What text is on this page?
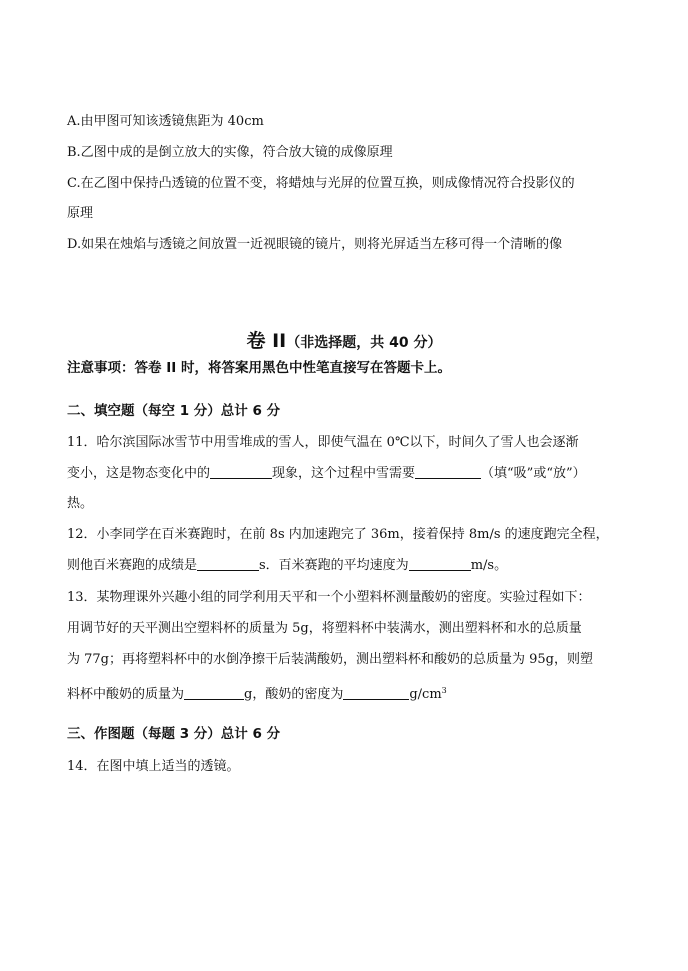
A.由甲图可知该透镜焦距为 40cm
B.乙图中成的是倒立放大的实像，符合放大镜的成像原理
C.在乙图中保持凸透镜的位置不变，将蜡烛与光屏的位置互换，则成像情况符合投影仪的
原理
D.如果在烛焰与透镜之间放置一近视眼镜的镜片，则将光屏适当左移可得一个清晰的像
卷 II（非选择题，共 40 分）
注意事项：答卷 II 时，将答案用黑色中性笔直接写在答题卡上。
二、填空题（每空 1 分）总计 6 分
11．哈尔滨国际冰雪节中用雪堆成的雪人，即使气温在 0℃以下，时间久了雪人也会逐渐
变小，这是物态变化中的	现象，这个过程中雪需要	（填“吸”或“放”）
热。
12．小李同学在百米赛跑时，在前 8s 内加速跑完了 36m，接着保持 8m/s 的速度跑完全程，
则他百米赛跑的成绩是	s．百米赛跑的平均速度为	m/s。
13．某物理课外兴趣小组的同学利用天平和一个小塑料杯测量酸奶的密度。实验过程如下：
用调节好的天平测出空塑料杯的质量为 5g，将塑料杯中装满水，测出塑料杯和水的总质量
为 77g；再将塑料杯中的水倒净擦干后装满酸奶，测出塑料杯和酸奶的总质量为 95g，则塑
料杯中酸奶的质量为	g，酸奶的密度为	$g/cm^3$
三、作图题（每题 3 分）总计 6 分
14．在图中填上适当的透镜。
